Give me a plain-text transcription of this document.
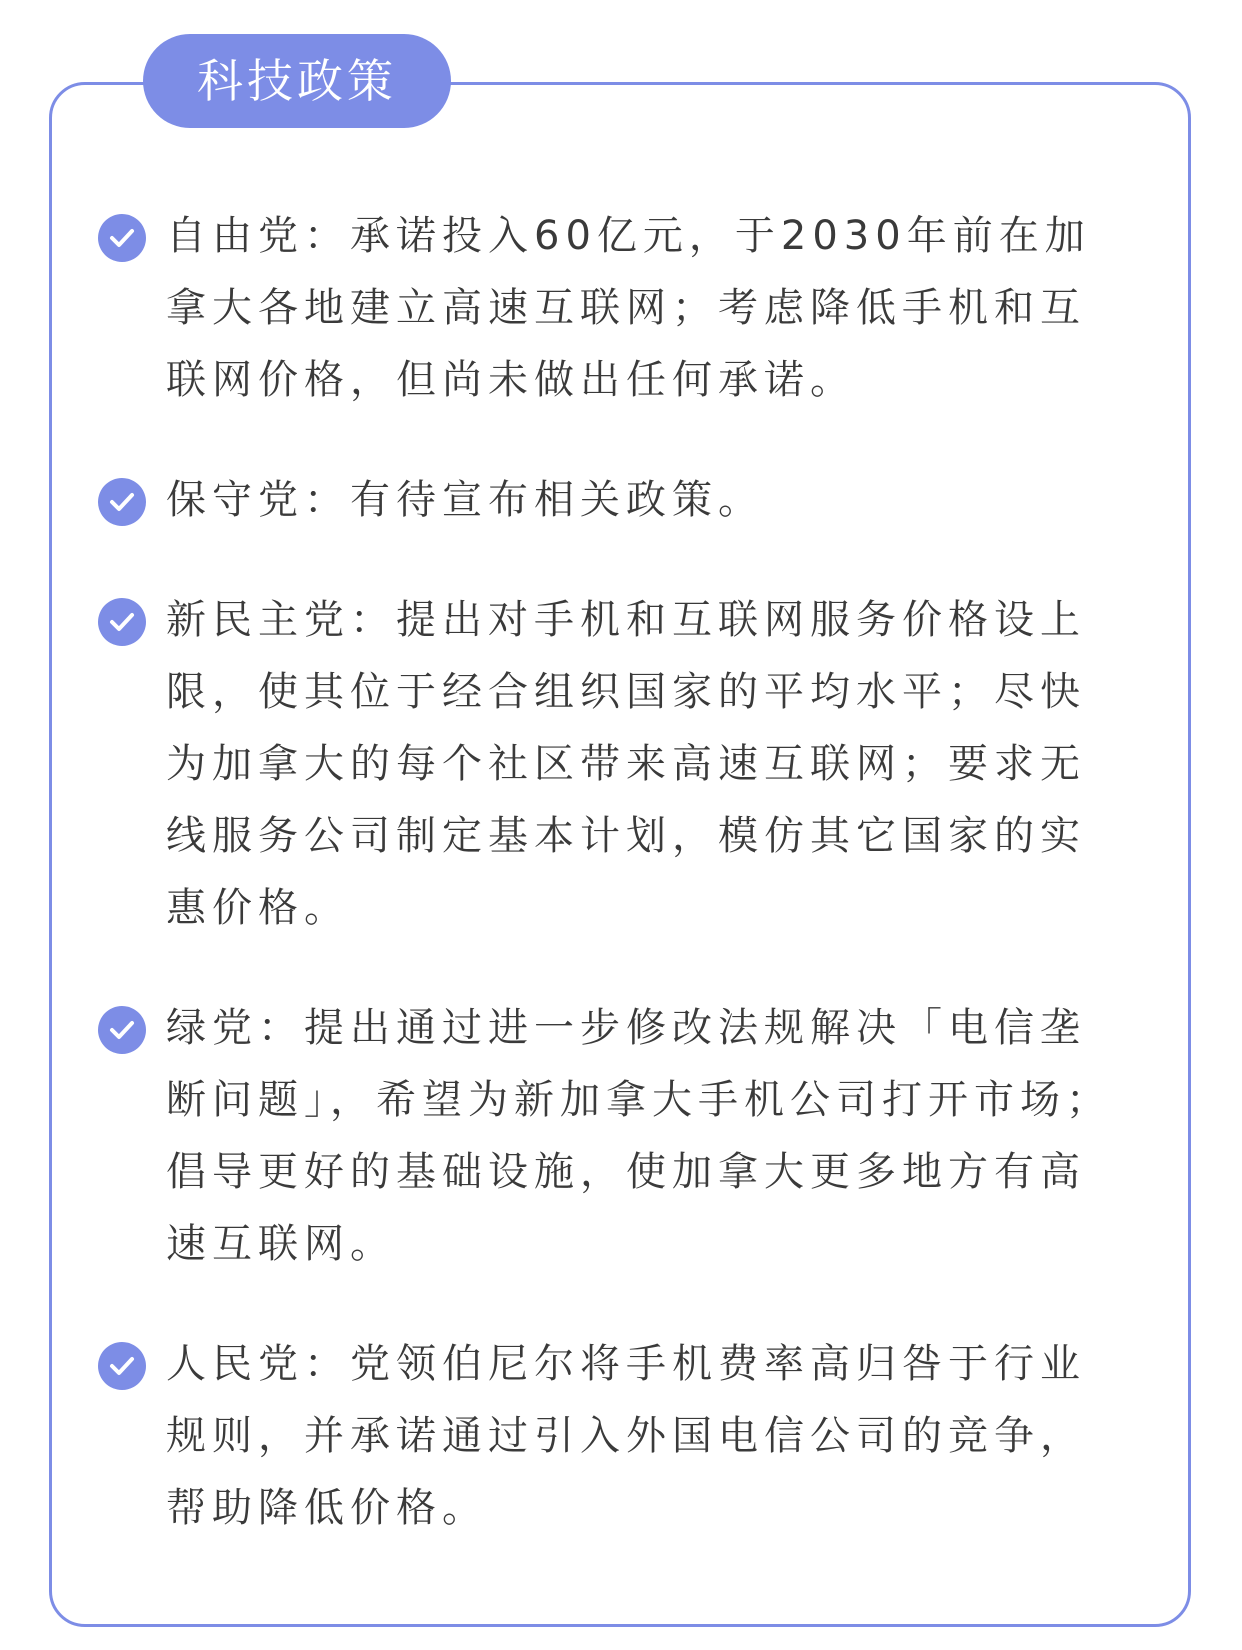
科技政策

自由党：承诺投入60亿元，于2030年前在加拿大各地建立高速互联网；考虑降低手机和互联网价格，但尚未做出任何承诺。

保守党：有待宣布相关政策。

新民主党：提出对手机和互联网服务价格设上限，使其位于经合组织国家的平均水平；尽快为加拿大的每个社区带来高速互联网；要求无线服务公司制定基本计划，模仿其它国家的实惠价格。

绿党：提出通过进一步修改法规解决「电信垄断问题」，希望为新加拿大手机公司打开市场；倡导更好的基础设施，使加拿大更多地方有高速互联网。

人民党：党领伯尼尔将手机费率高归咎于行业规则，并承诺通过引入外国电信公司的竞争，帮助降低价格。
